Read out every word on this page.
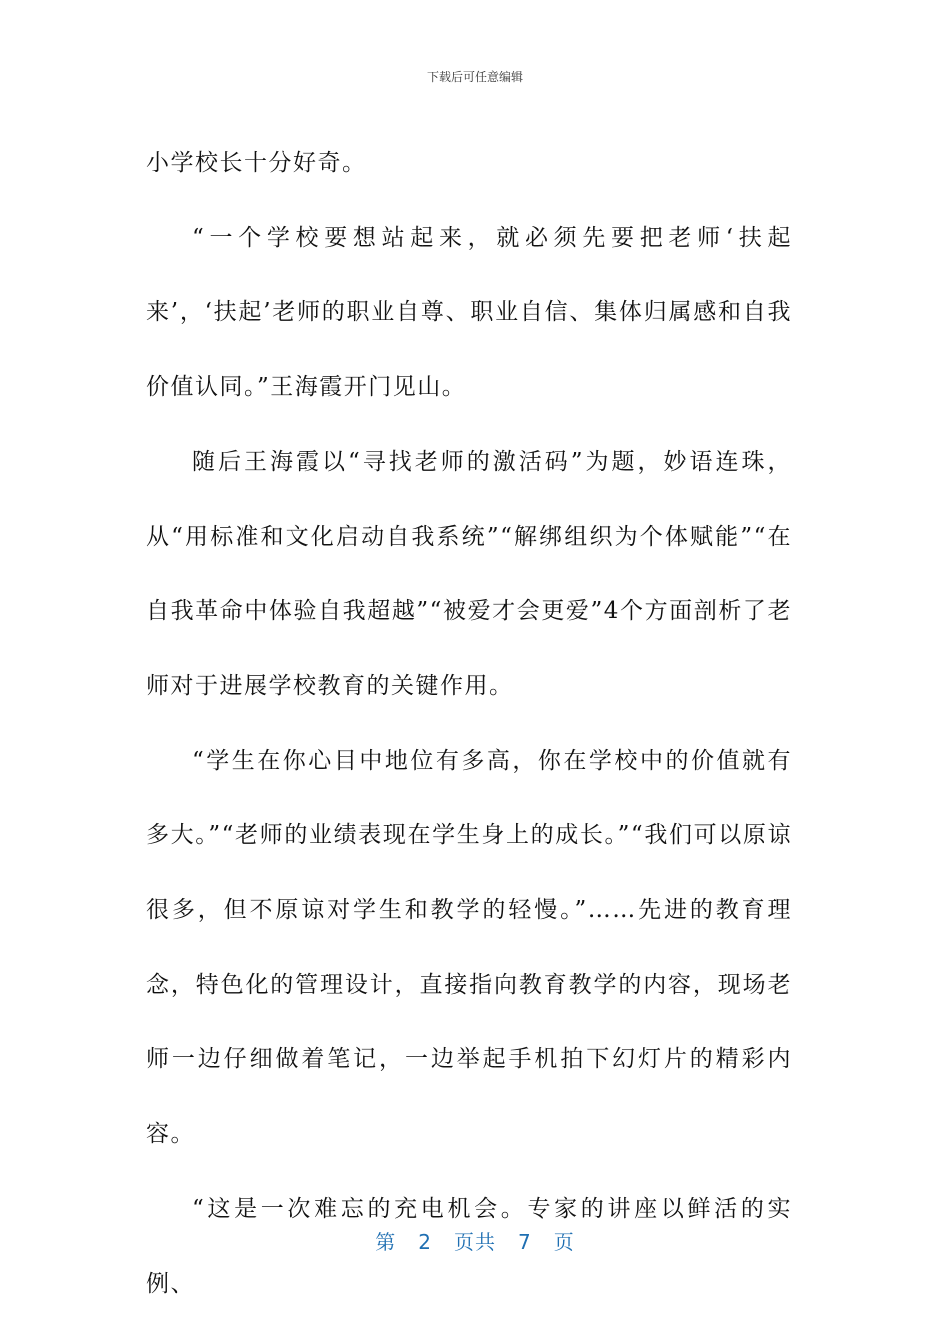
下载后可任意编辑

小学校长十分好奇。

“一个学校要想站起来，就必须先要把老师‘扶起来’，‘扶起’老师的职业自尊、职业自信、集体归属感和自我价值认同。”王海霞开门见山。

随后王海霞以“寻找老师的激活码”为题，妙语连珠，从“用标准和文化启动自我系统”“解绑组织为个体赋能”“在自我革命中体验自我超越”“被爱才会更爱”4个方面剖析了老师对于进展学校教育的关键作用。

“学生在你心目中地位有多高，你在学校中的价值就有多大。”“老师的业绩表现在学生身上的成长。”“我们可以原谅很多，但不原谅对学生和教学的轻慢。”……先进的教育理念，特色化的管理设计，直接指向教育教学的内容，现场老师一边仔细做着笔记，一边举起手机拍下幻灯片的精彩内容。

“这是一次难忘的充电机会。专家的讲座以鲜活的实例、

第 2 页共 7 页
